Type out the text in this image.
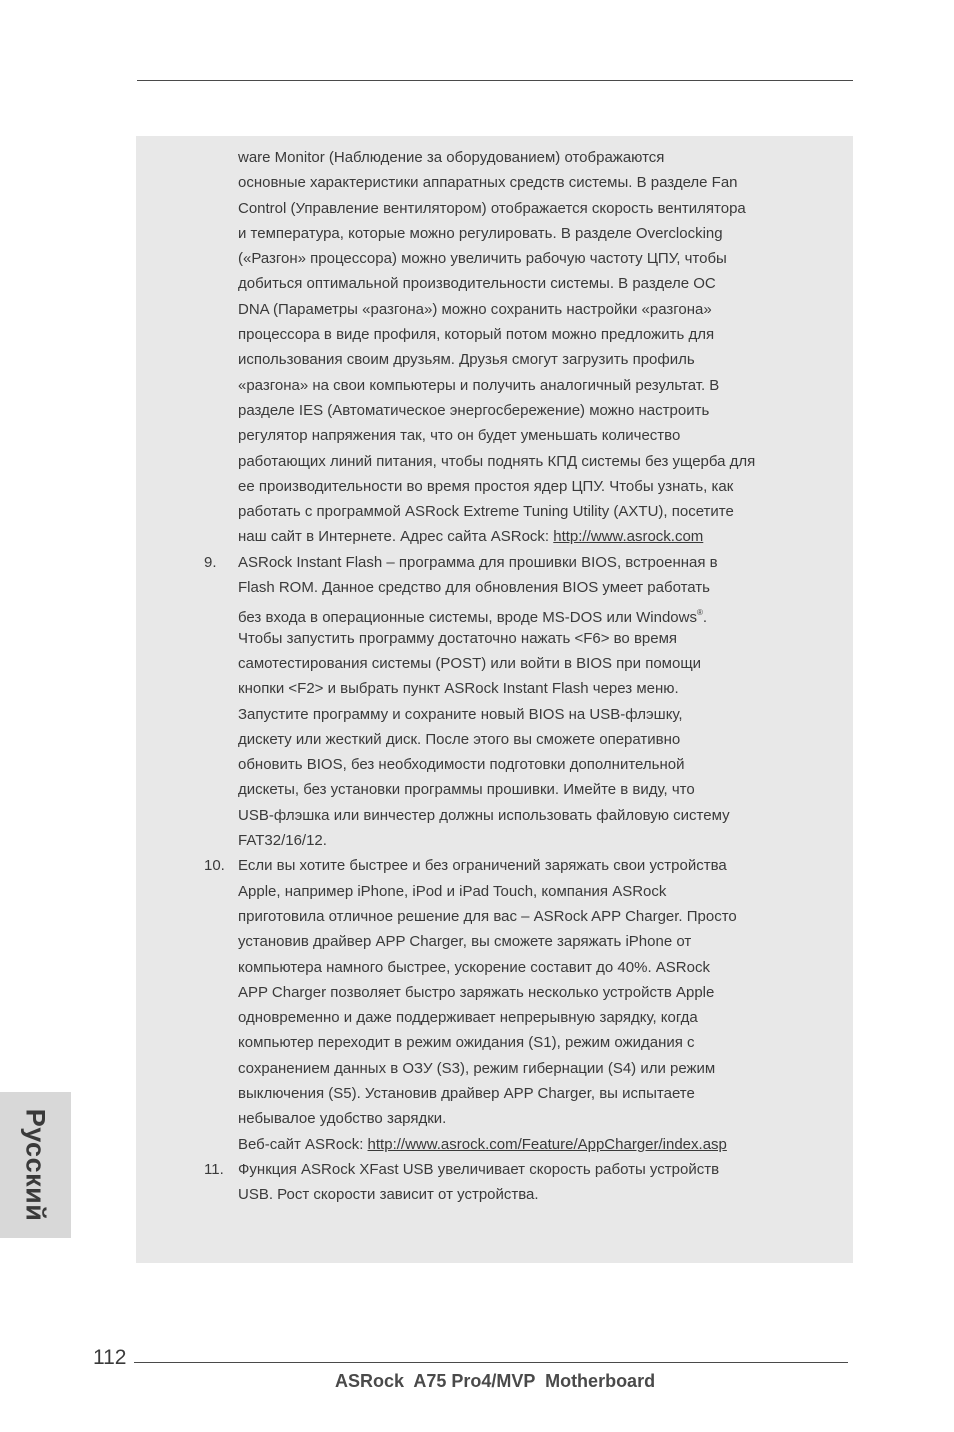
Русский
ware Monitor (Наблюдение за оборудованием) отображаются
основные характеристики аппаратных средств системы. В разделе Fan
Control (Управление вентилятором) отображается скорость вентилятора
и температура, которые можно регулировать. В разделе Overclocking
(«Разгон» процессора) можно увеличить рабочую частоту ЦПУ, чтобы
добиться оптимальной производительности системы. В разделе OC
DNA (Параметры «разгона») можно сохранить настройки «разгона»
процессора в виде профиля, который потом можно предложить для
использования своим друзьям. Друзья смогут загрузить профиль
«разгона» на свои компьютеры и получить аналогичный результат. В
разделе IES (Автоматическое энергосбережение) можно настроить
регулятор напряжения так, что он будет уменьшать количество
работающих линий питания, чтобы поднять КПД системы без ущерба для
ее производительности во время простоя ядер ЦПУ. Чтобы узнать, как
работать с программой ASRock Extreme Tuning Utility (AXTU), посетите
наш сайт в Интернете. Адрес сайта ASRock: http://www.asrock.com
9. ASRock Instant Flash – программа для прошивки BIOS, встроенная в
Flash ROM. Данное средство для обновления BIOS умеет работать
без входа в операционные системы, вроде MS-DOS или Windows®.
Чтобы запустить программу достаточно нажать <F6> во время
самотестирования системы (POST) или войти в BIOS при помощи
кнопки <F2> и выбрать пункт ASRock Instant Flash через меню.
Запустите программу и сохраните новый BIOS на USB-флэшку,
дискету или жесткий диск. После этого вы сможете оперативно
обновить BIOS, без необходимости подготовки дополнительной
дискеты, без установки программы прошивки. Имейте в виду, что
USB-флэшка или винчестер должны использовать файловую систему
FAT32/16/12.
10. Если вы хотите быстрее и без ограничений заряжать свои устройства
Apple, например iPhone, iPod и iPad Touch, компания ASRock
приготовила отличное решение для вас – ASRock APP Charger. Просто
установив драйвер APP Charger, вы сможете заряжать iPhone от
компьютера намного быстрее, ускорение составит до 40%. ASRock
APP Charger позволяет быстро заряжать несколько устройств Apple
одновременно и даже поддерживает непрерывную зарядку, когда
компьютер переходит в режим ожидания (S1), режим ожидания с
сохранением данных в ОЗУ (S3), режим гибернации (S4) или режим
выключения (S5). Установив драйвер APP Charger, вы испытаете
небывалое удобство зарядки.
Веб-сайт ASRock: http://www.asrock.com/Feature/AppCharger/index.asp
11. Функция ASRock XFast USB увеличивает скорость работы устройств
USB. Рост скорости зависит от устройства.
112
ASRock  A75 Pro4/MVP  Motherboard
